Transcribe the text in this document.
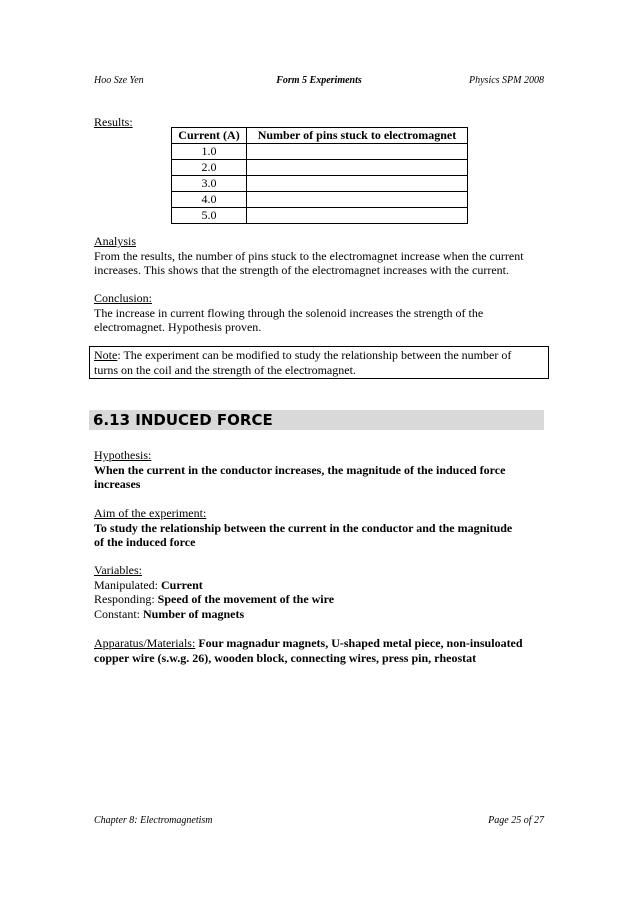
Hoo Sze Yen	Form 5 Experiments	Physics SPM 2008
Results:
Current (A)	Number of pins stuck to electromagnet
1.0	
2.0	
3.0	
4.0	
5.0	
Analysis
From the results, the number of pins stuck to the electromagnet increase when the current
increases. This shows that the strength of the electromagnet increases with the current.
Conclusion:
The increase in current flowing through the solenoid increases the strength of the
electromagnet. Hypothesis proven.
Note: The experiment can be modified to study the relationship between the number of
turns on the coil and the strength of the electromagnet.
6.13 INDUCED FORCE
Hypothesis:
When the current in the conductor increases, the magnitude of the induced force
increases
Aim of the experiment:
To study the relationship between the current in the conductor and the magnitude
of the induced force
Variables:
Manipulated: Current
Responding: Speed of the movement of the wire
Constant: Number of magnets
Apparatus/Materials: Four magnadur magnets, U-shaped metal piece, non-insuloated
copper wire (s.w.g. 26), wooden block, connecting wires, press pin, rheostat
Chapter 8: Electromagnetism	Page 25 of 27
